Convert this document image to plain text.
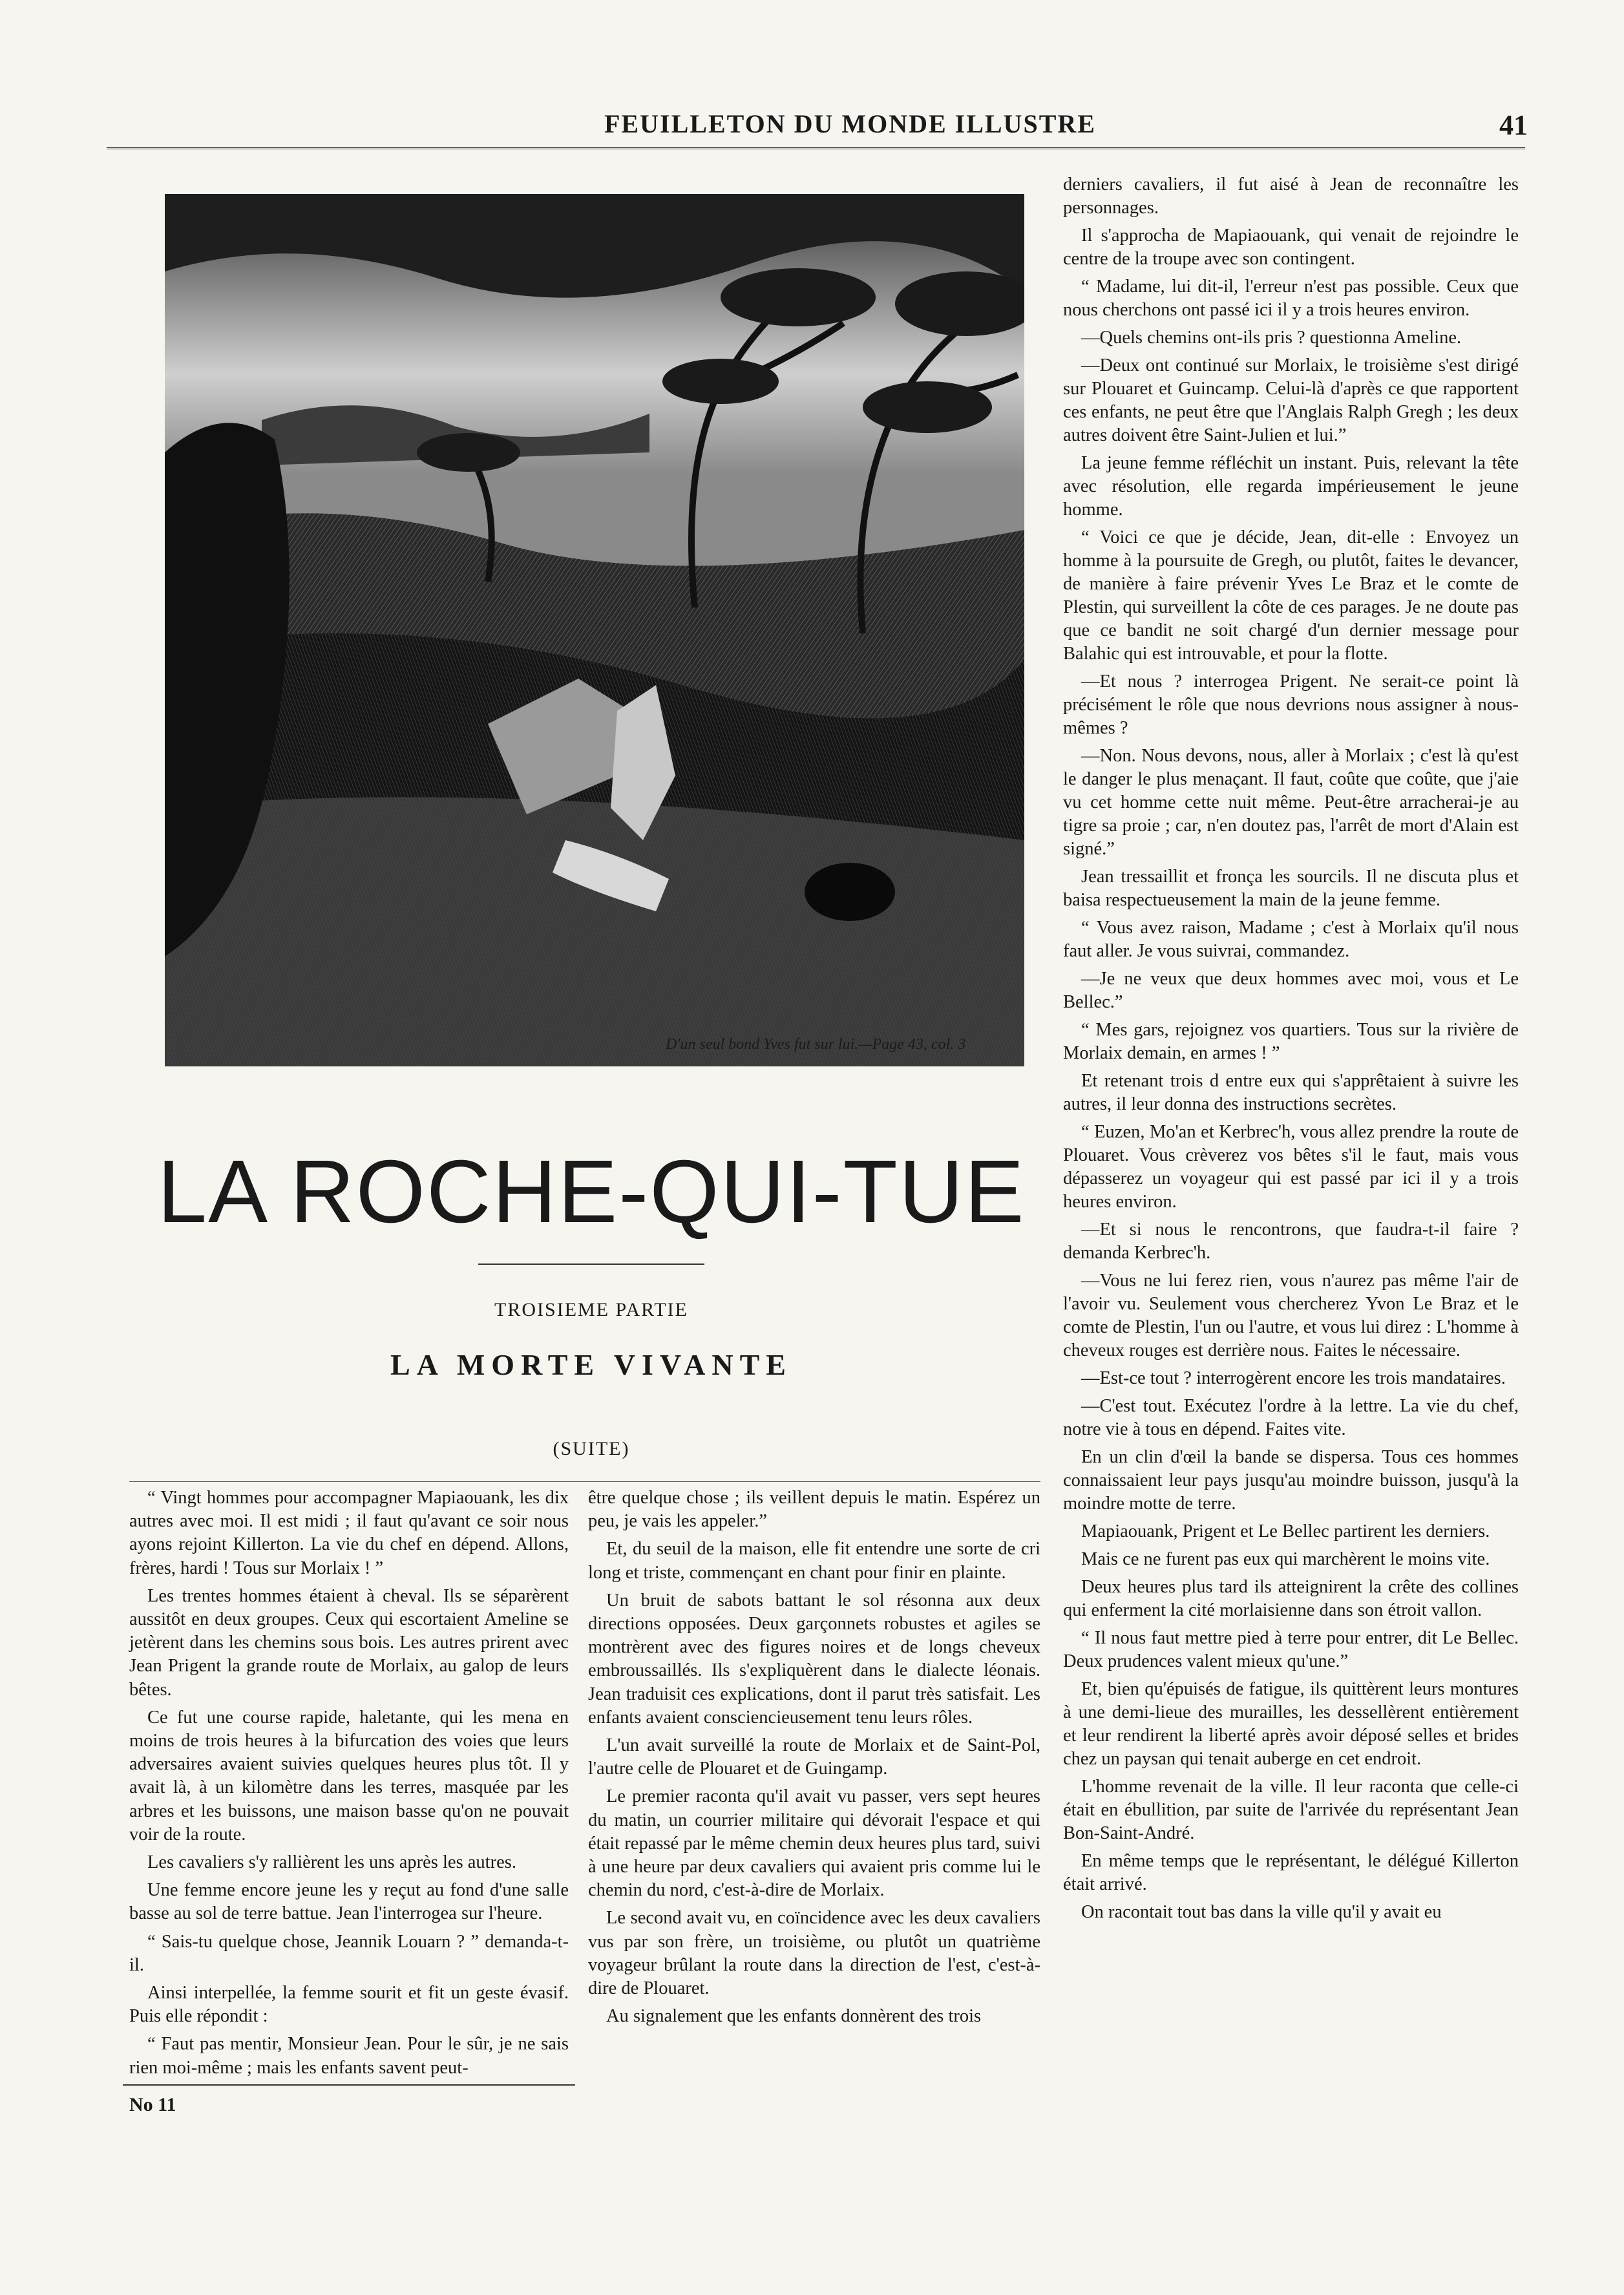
FEUILLETON DU MONDE ILLUSTRE	41
D'un seul bond Yves fut sur lui.—Page 43, col. 3
LA ROCHE-QUI-TUE
TROISIEME PARTIE
LA MORTE VIVANTE
(SUITE)

“ Vingt hommes pour accompagner Mapiaouank, les dix autres avec moi. Il est midi ; il faut qu'avant ce soir nous ayons rejoint Killerton. La vie du chef en dépend. Allons, frères, hardi ! Tous sur Morlaix ! ”

Les trentes hommes étaient à cheval. Ils se séparèrent aussitôt en deux groupes. Ceux qui escortaient Ameline se jetèrent dans les chemins sous bois. Les autres prirent avec Jean Prigent la grande route de Morlaix, au galop de leurs bêtes.

Ce fut une course rapide, haletante, qui les mena en moins de trois heures à la bifurcation des voies que leurs adversaires avaient suivies quelques heures plus tôt. Il y avait là, à un kilomètre dans les terres, masquée par les arbres et les buissons, une maison basse qu'on ne pouvait voir de la route.

Les cavaliers s'y rallièrent les uns après les autres.

Une femme encore jeune les y reçut au fond d'une salle basse au sol de terre battue. Jean l'interrogea sur l'heure.

“ Sais-tu quelque chose, Jeannik Louarn ? ” demanda-t-il.

Ainsi interpellée, la femme sourit et fit un geste évasif. Puis elle répondit :

“ Faut pas mentir, Monsieur Jean. Pour le sûr, je ne sais rien moi-même ; mais les enfants savent peut-

être quelque chose ; ils veillent depuis le matin. Espérez un peu, je vais les appeler.”

Et, du seuil de la maison, elle fit entendre une sorte de cri long et triste, commençant en chant pour finir en plainte.

Un bruit de sabots battant le sol résonna aux deux directions opposées. Deux garçonnets robustes et agiles se montrèrent avec des figures noires et de longs cheveux embroussaillés. Ils s'expliquèrent dans le dialecte léonais. Jean traduisit ces explications, dont il parut très satisfait. Les enfants avaient consciencieusement tenu leurs rôles.

L'un avait surveillé la route de Morlaix et de Saint-Pol, l'autre celle de Plouaret et de Guingamp.

Le premier raconta qu'il avait vu passer, vers sept heures du matin, un courrier militaire qui dévorait l'espace et qui était repassé par le même chemin deux heures plus tard, suivi à une heure par deux cavaliers qui avaient pris comme lui le chemin du nord, c'est-à-dire de Morlaix.

Le second avait vu, en coïncidence avec les deux cavaliers vus par son frère, un troisième, ou plutôt un quatrième voyageur brûlant la route dans la direction de l'est, c'est-à-dire de Plouaret.

Au signalement que les enfants donnèrent des trois

derniers cavaliers, il fut aisé à Jean de reconnaître les personnages.

Il s'approcha de Mapiaouank, qui venait de rejoindre le centre de la troupe avec son contingent.

“ Madame, lui dit-il, l'erreur n'est pas possible. Ceux que nous cherchons ont passé ici il y a trois heures environ.

—Quels chemins ont-ils pris ? questionna Ameline.

—Deux ont continué sur Morlaix, le troisième s'est dirigé sur Plouaret et Guincamp. Celui-là d'après ce que rapportent ces enfants, ne peut être que l'Anglais Ralph Gregh ; les deux autres doivent être Saint-Julien et lui.”

La jeune femme réfléchit un instant. Puis, relevant la tête avec résolution, elle regarda impérieusement le jeune homme.

“ Voici ce que je décide, Jean, dit-elle : Envoyez un homme à la poursuite de Gregh, ou plutôt, faites le devancer, de manière à faire prévenir Yves Le Braz et le comte de Plestin, qui surveillent la côte de ces parages. Je ne doute pas que ce bandit ne soit chargé d'un dernier message pour Balahic qui est introuvable, et pour la flotte.

—Et nous ? interrogea Prigent. Ne serait-ce point là précisément le rôle que nous devrions nous assigner à nous-mêmes ?

—Non. Nous devons, nous, aller à Morlaix ; c'est là qu'est le danger le plus menaçant. Il faut, coûte que coûte, que j'aie vu cet homme cette nuit même. Peut-être arracherai-je au tigre sa proie ; car, n'en doutez pas, l'arrêt de mort d'Alain est signé.”

Jean tressaillit et fronça les sourcils. Il ne discuta plus et baisa respectueusement la main de la jeune femme.

“ Vous avez raison, Madame ; c'est à Morlaix qu'il nous faut aller. Je vous suivrai, commandez.

—Je ne veux que deux hommes avec moi, vous et Le Bellec.”

“ Mes gars, rejoignez vos quartiers. Tous sur la rivière de Morlaix demain, en armes ! ”

Et retenant trois d entre eux qui s'apprêtaient à suivre les autres, il leur donna des instructions secrètes.

“ Euzen, Mo'an et Kerbrec'h, vous allez prendre la route de Plouaret. Vous crèverez vos bêtes s'il le faut, mais vous dépasserez un voyageur qui est passé par ici il y a trois heures environ.

—Et si nous le rencontrons, que faudra-t-il faire ? demanda Kerbrec'h.

—Vous ne lui ferez rien, vous n'aurez pas même l'air de l'avoir vu. Seulement vous chercherez Yvon Le Braz et le comte de Plestin, l'un ou l'autre, et vous lui direz : L'homme à cheveux rouges est derrière nous. Faites le nécessaire.

—Est-ce tout ? interrogèrent encore les trois mandataires.

—C'est tout. Exécutez l'ordre à la lettre. La vie du chef, notre vie à tous en dépend. Faites vite.

En un clin d'œil la bande se dispersa. Tous ces hommes connaissaient leur pays jusqu'au moindre buisson, jusqu'à la moindre motte de terre.

Mapiaouank, Prigent et Le Bellec partirent les derniers.

Mais ce ne furent pas eux qui marchèrent le moins vite.

Deux heures plus tard ils atteignirent la crête des collines qui enferment la cité morlaisienne dans son étroit vallon.

“ Il nous faut mettre pied à terre pour entrer, dit Le Bellec. Deux prudences valent mieux qu'une.”

Et, bien qu'épuisés de fatigue, ils quittèrent leurs montures à une demi-lieue des murailles, les dessellèrent entièrement et leur rendirent la liberté après avoir déposé selles et brides chez un paysan qui tenait auberge en cet endroit.

L'homme revenait de la ville. Il leur raconta que celle-ci était en ébullition, par suite de l'arrivée du représentant Jean Bon-Saint-André.

En même temps que le représentant, le délégué Killerton était arrivé.

On racontait tout bas dans la ville qu'il y avait eu

No 11
